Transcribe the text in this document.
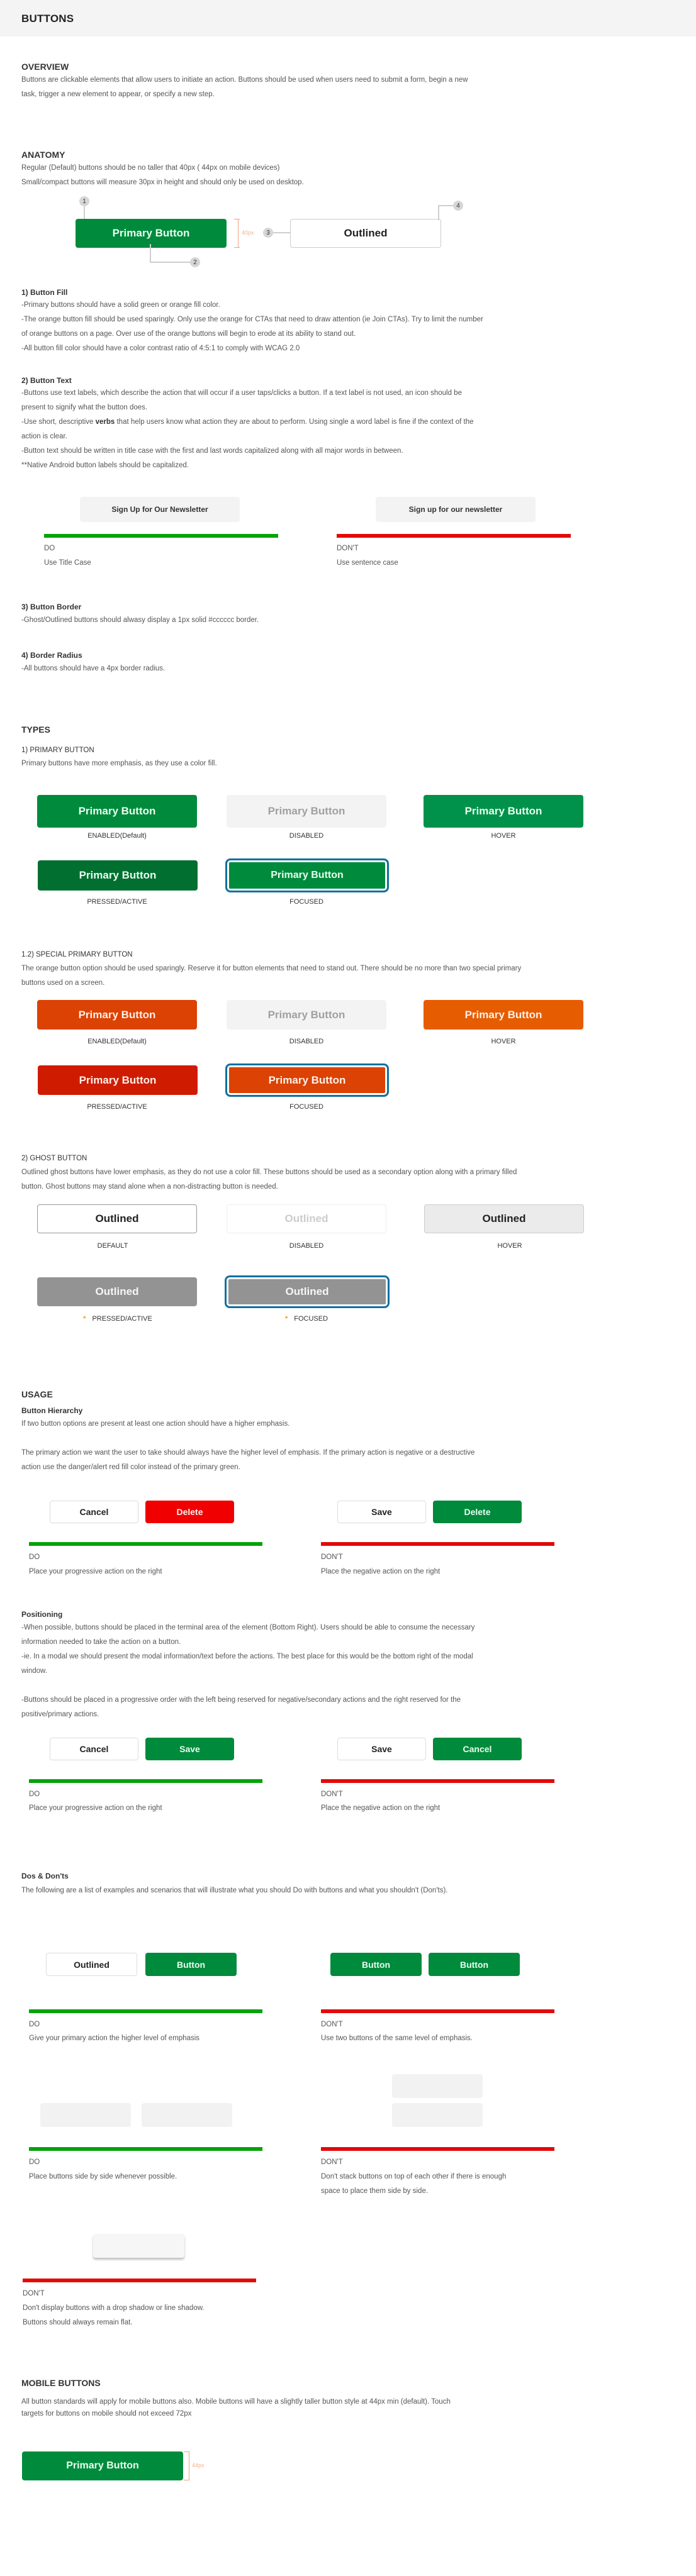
BUTTONS
OVERVIEW
Buttons are clickable elements that allow users to initiate an action. Buttons should be used when users need to submit a form, begin a new
task, trigger a new element to appear, or specify a new step.
ANATOMY
Regular (Default) buttons should be no taller that 40px ( 44px on mobile devices)
Small/compact buttons will measure 30px in height and should only be used on desktop.
1
Primary Button
2
40px	3	Outlined
4
1) Button Fill
-Primary buttons should have a solid green or orange fill color.
-The orange button fill should be used sparingly. Only use the orange for CTAs that need to draw attention (ie Join CTAs). Try to limit the number
of orange buttons on a page. Over use of the orange buttons will begin to erode at its ability to stand out.
-All button fill color should have a color contrast ratio of 4:5:1 to comply with WCAG 2.0
2) Button Text
-Buttons use text labels, which describe the action that will occur if a user taps/clicks a button. If a text label is not used, an icon should be
present to signify what the button does.
-Use short, descriptive verbs that help users know what action they are about to perform. Using single a word label is fine if the context of the
action is clear.
-Button text should be written in title case with the first and last words capitalized along with all major words in between.
**Native Android button labels should be capitalized.
Sign Up for Our Newsletter	Sign up for our newsletter
DO	DON'T
Use Title Case	Use sentence case
3) Button Border
-Ghost/Outlined buttons should alwasy display a 1px solid #cccccc border.
4) Border Radius
-All buttons should have a 4px border radius.
TYPES
1) PRIMARY BUTTON
Primary buttons have more emphasis, as they use a color fill.
Primary Button	Primary Button	Primary Button
ENABLED(Default)	DISABLED	HOVER
Primary Button	Primary Button
PRESSED/ACTIVE	FOCUSED
1.2) SPECIAL PRIMARY BUTTON
The orange button option should be used sparingly. Reserve it for button elements that need to stand out. There should be no more than two special primary
buttons used on a screen.
Primary Button	Primary Button	Primary Button
ENABLED(Default)	DISABLED	HOVER
Primary Button	Primary Button
PRESSED/ACTIVE	FOCUSED
2) GHOST BUTTON
Outlined ghost buttons have lower emphasis, as they do not use a color fill. These buttons should be used as a secondary option along with a primary filled
button. Ghost buttons may stand alone when a non-distracting button is needed.
Outlined	Outlined	Outlined
DEFAULT	DISABLED	HOVER
Outlined	Outlined
* PRESSED/ACTIVE	* FOCUSED
USAGE
Button Hierarchy
If two button options are present at least one action should have a higher emphasis.
The primary action we want the user to take should always have the higher level of emphasis. If the primary action is negative or a destructive
action use the danger/alert red fill color instead of the primary green.
Cancel	Delete	Save	Delete
DO	DON'T
Place your progressive action on the right	Place the negative action on the right
Positioning
-When possible, buttons should be placed in the terminal area of the element (Bottom Right). Users should be able to consume the necessary
information needed to take the action on a button.
-ie. In a modal we should present the modal information/text before the actions. The best place for this would be the bottom right of the modal
window.
-Buttons should be placed in a progressive order with the left being reserved for negative/secondary actions and the right reserved for the
positive/primary actions.
Cancel	Save	Save	Cancel
DO	DON'T
Place your progressive action on the right	Place the negative action on the right
Dos & Don'ts
The following are a list of examples and scenarios that will illustrate what you should Do with buttons and what you shouldn't (Don'ts).
Outlined	Button	Button	Button
DO	DON'T
Give your primary action the higher level of emphasis	Use two buttons of the same level of emphasis.
DO	DON'T
Place buttons side by side whenever possible.	Don't stack buttons on top of each other if there is enough
space to place them side by side.
DON'T
Don't display buttons with a drop shadow or line shadow.
Buttons should always remain flat.
MOBILE BUTTONS
All button standards will apply for mobile buttons also. Mobile buttons will have a slightly taller button style at 44px min (default). Touch
targets for buttons on mobile should not exceed 72px
Primary Button	44px
